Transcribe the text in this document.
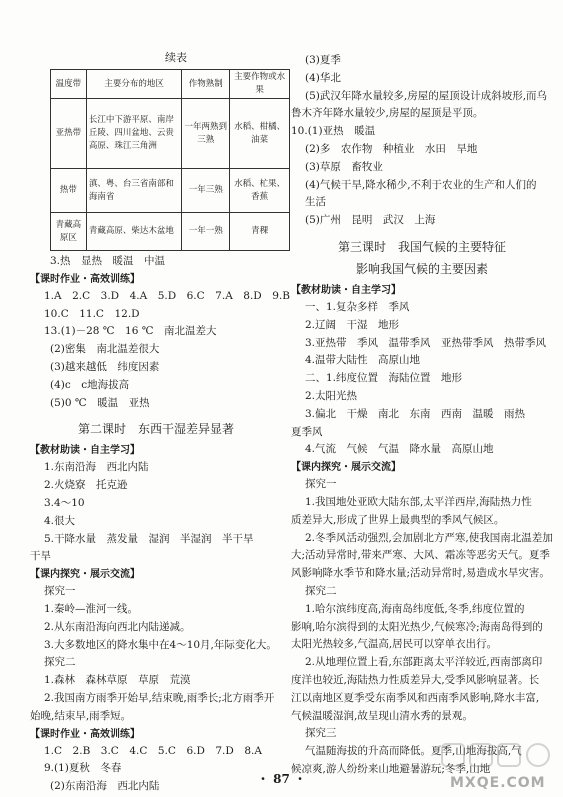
续表
温度带	主要分布的地区	作物熟制	主要作物或水果
亚热带	长江中下游平原、南岸丘陵、四川盆地、云贵高原、珠江三角洲	一年两熟到三熟	水稻、柑橘、油菜
热带	滇、粤、台三省南部和海南省	一年三熟	水稻、杧果、香蕉
青藏高原区	青藏高原、柴达木盆地	一年一熟	青稞
3.热　显热　暖温　中温
【课时作业・高效训练】
1.A　2.C　3.D　4.A　5.D　6.C　7.A　8.D　9.B
10.C　11.C　12.D
13.(1)－28 ℃　16 ℃　南北温差大
(2)密集　南北温差很大
(3)越来越低　纬度因素
(4)c　c地海拔高
(5)0 ℃　暖温　亚热
第二课时　东西干湿差异显著
【教材助读・自主学习】
1.东南沿海　西北内陆
2.火烧寮　托克逊
3.4～10
4.很大
5.干降水量　蒸发量　湿润　半湿润　半干旱
干旱
【课内探究・展示交流】
探究一
1.秦岭—淮河一线。
2.从东南沿海向西北内陆递减。
3.大多数地区的降水集中在4～10月,年际变化大。
探究二
1.森林　森林草原　草原　荒漠
2.我国南方雨季开始早,结束晚,雨季长;北方雨季开
始晚,结束早,雨季短。
【课时作业・高效训练】
1.C　2.B　3.C　4.C　5.C　6.D　7.D　8.A
9.(1)夏秋　冬春
(2)东南沿海　西北内陆
(3)夏季
(4)华北
(5)武汉年降水量较多,房屋的屋顶设计成斜坡形,而乌
鲁木齐年降水量较少,房屋的屋顶是平顶。
10.(1)亚热　暖温
(2)多　农作物　种植业　水田　旱地
(3)草原　畜牧业
(4)气候干旱,降水稀少,不利于农业的生产和人们的
生活
(5)广州　昆明　武汉　上海
第三课时　我国气候的主要特征
影响我国气候的主要因素
【教材助读・自主学习】
一、1.复杂多样　季风
2.辽阔　干湿　地形
3.亚热带　季风　温带季风　亚热带季风　热带季风
4.温带大陆性　高原山地
二、1.纬度位置　海陆位置　地形
2.太阳光热
3.偏北　干燥　南北　东南　西南　温暖　雨热
夏季风
4.气流　气候　气温　降水量　高原山地
【课内探究・展示交流】
探究一
1.我国地处亚欧大陆东部,太平洋西岸,海陆热力性
质差异大,形成了世界上最典型的季风气候区。
2.冬季风活动强烈,会加剧北方严寒,使我国南北温差加
大;活动异常时,带来严寒、大风、霜冻等恶劣天气。夏季
风影响降水季节和降水量;活动异常时,易造成水旱灾害。
探究二
1.哈尔滨纬度高,海南岛纬度低,冬季,纬度位置的
影响,哈尔滨得到的太阳光热少,气候寒冷;海南岛得到的
太阳光热较多,气温高,居民可以穿单衣出行。
2.从地理位置上看,东部距离太平洋较近,西南部离印
度洋也较近,海陆热力性质差异大,受季风影响显著。长
江以南地区夏季受东南季风和西南季风影响,降水丰富,
气候温暖湿润,故呈现山清水秀的景观。
探究三
气温随海拔的升高而降低。夏季,山地海拔高,气
候凉爽,游人纷纷来山地避暑游玩;冬季,山地
・ 87 ・	MXQE.COM
